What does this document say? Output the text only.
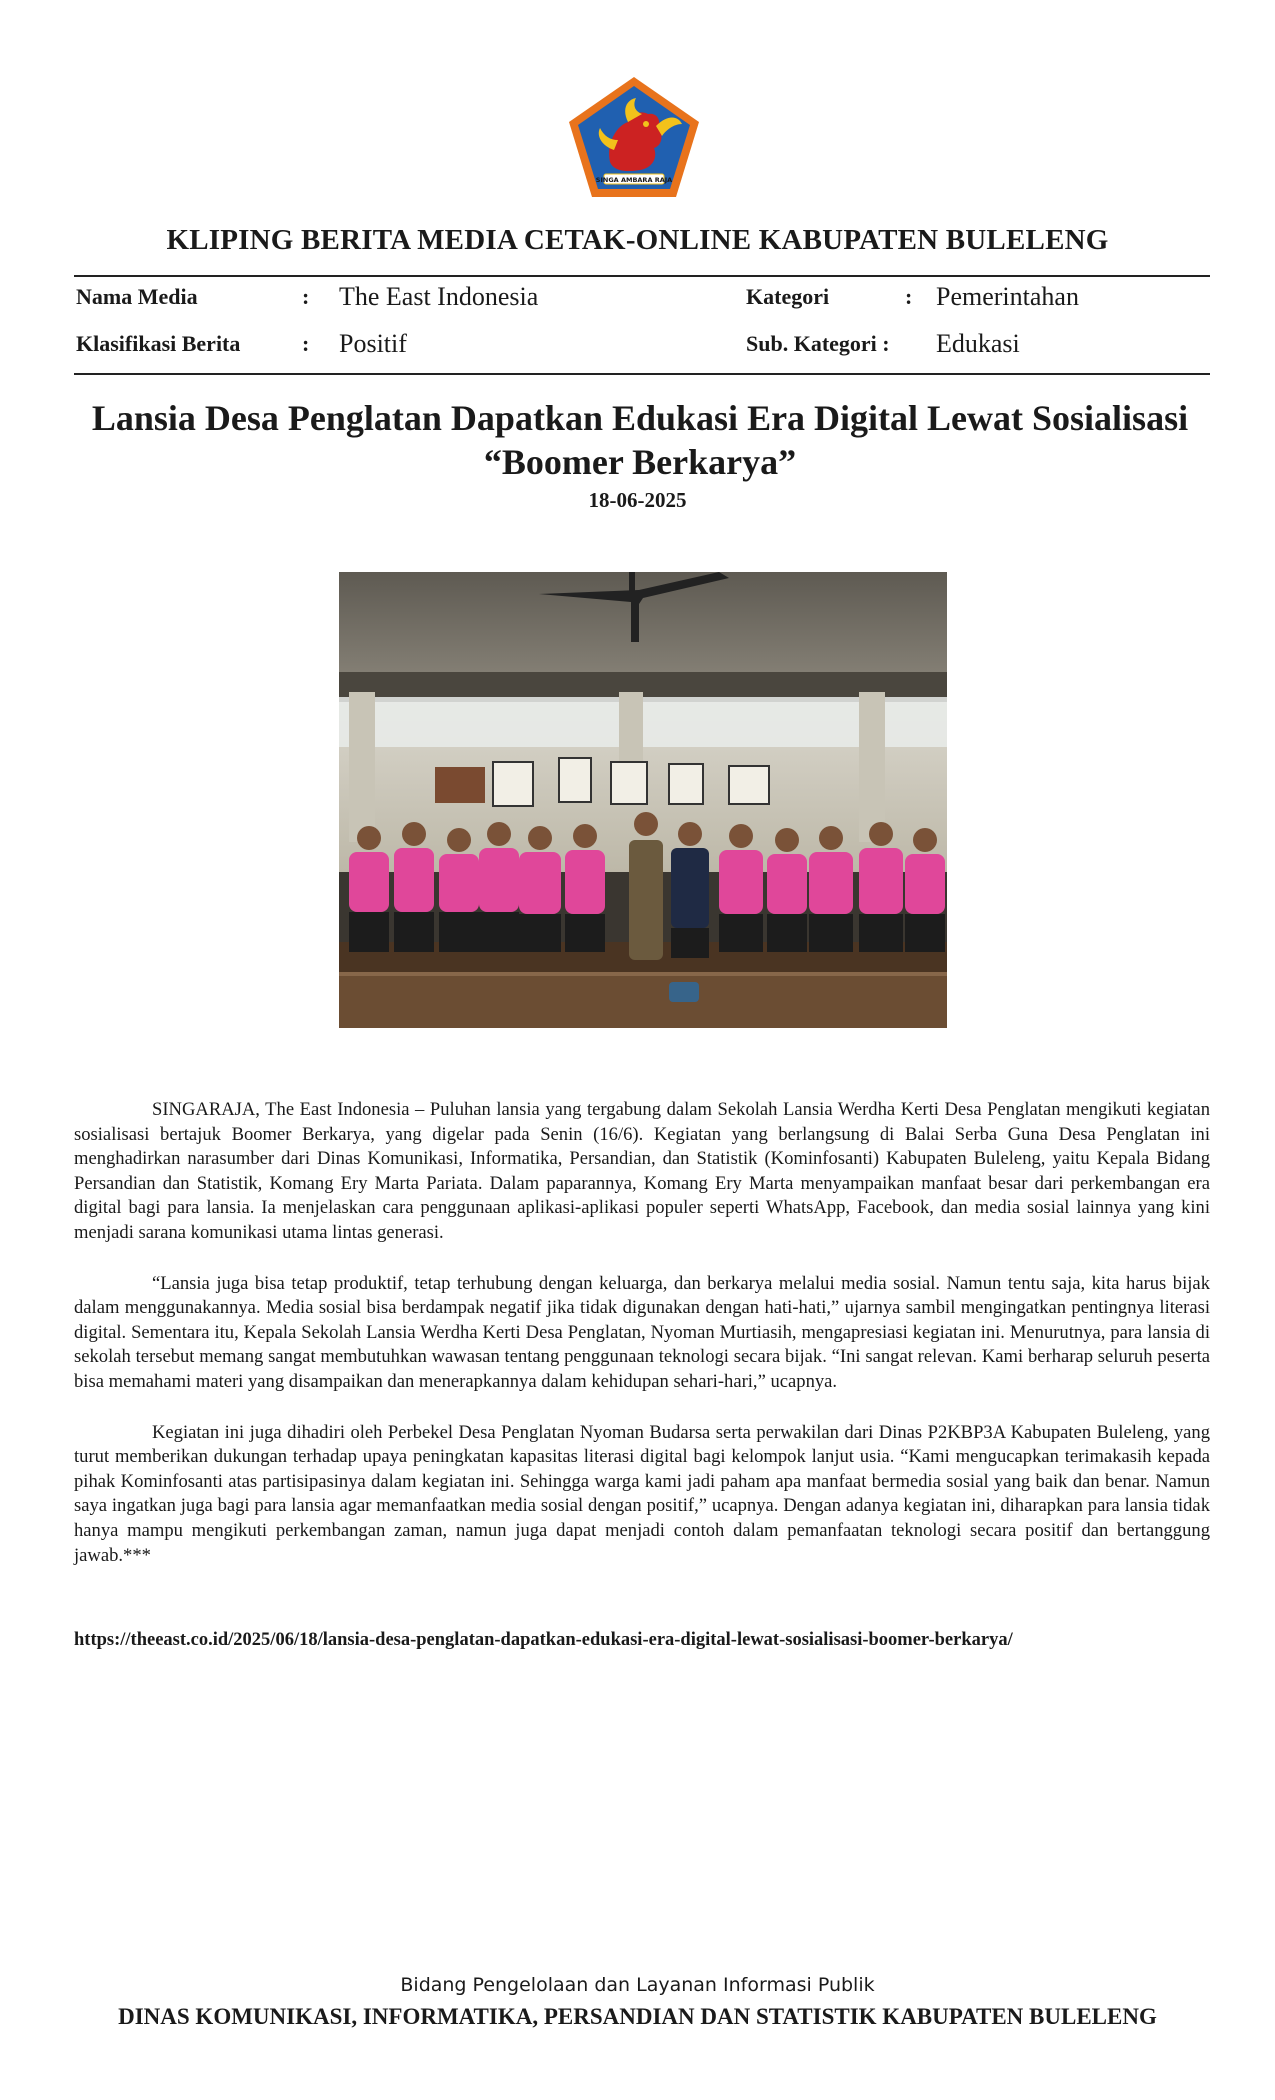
SINGA AMBARA RAJA
KLIPING BERITA MEDIA CETAK-ONLINE KABUPATEN BULELENG
Nama Media	: The East Indonesia	Kategori	: Pemerintahan
Klasifikasi Berita	: Positif	Sub. Kategori : Edukasi
Lansia Desa Penglatan Dapatkan Edukasi Era Digital Lewat Sosialisasi “Boomer Berkarya”
18-06-2025

SINGARAJA, The East Indonesia – Puluhan lansia yang tergabung dalam Sekolah Lansia Werdha Kerti Desa Penglatan mengikuti kegiatan sosialisasi bertajuk Boomer Berkarya, yang digelar pada Senin (16/6). Kegiatan yang berlangsung di Balai Serba Guna Desa Penglatan ini menghadirkan narasumber dari Dinas Komunikasi, Informatika, Persandian, dan Statistik (Kominfosanti) Kabupaten Buleleng, yaitu Kepala Bidang Persandian dan Statistik, Komang Ery Marta Pariata. Dalam paparannya, Komang Ery Marta menyampaikan manfaat besar dari perkembangan era digital bagi para lansia. Ia menjelaskan cara penggunaan aplikasi-aplikasi populer seperti WhatsApp, Facebook, dan media sosial lainnya yang kini menjadi sarana komunikasi utama lintas generasi.

“Lansia juga bisa tetap produktif, tetap terhubung dengan keluarga, dan berkarya melalui media sosial. Namun tentu saja, kita harus bijak dalam menggunakannya. Media sosial bisa berdampak negatif jika tidak digunakan dengan hati-hati,” ujarnya sambil mengingatkan pentingnya literasi digital. Sementara itu, Kepala Sekolah Lansia Werdha Kerti Desa Penglatan, Nyoman Murtiasih, mengapresiasi kegiatan ini. Menurutnya, para lansia di sekolah tersebut memang sangat membutuhkan wawasan tentang penggunaan teknologi secara bijak. “Ini sangat relevan. Kami berharap seluruh peserta bisa memahami materi yang disampaikan dan menerapkannya dalam kehidupan sehari-hari,” ucapnya.

Kegiatan ini juga dihadiri oleh Perbekel Desa Penglatan Nyoman Budarsa serta perwakilan dari Dinas P2KBP3A Kabupaten Buleleng, yang turut memberikan dukungan terhadap upaya peningkatan kapasitas literasi digital bagi kelompok lanjut usia. “Kami mengucapkan terimakasih kepada pihak Kominfosanti atas partisipasinya dalam kegiatan ini. Sehingga warga kami jadi paham apa manfaat bermedia sosial yang baik dan benar. Namun saya ingatkan juga bagi para lansia agar memanfaatkan media sosial dengan positif,” ucapnya. Dengan adanya kegiatan ini, diharapkan para lansia tidak hanya mampu mengikuti perkembangan zaman, namun juga dapat menjadi contoh dalam pemanfaatan teknologi secara positif dan bertanggung jawab.***

https://theeast.co.id/2025/06/18/lansia-desa-penglatan-dapatkan-edukasi-era-digital-lewat-sosialisasi-boomer-berkarya/
Bidang Pengelolaan dan Layanan Informasi Publik
DINAS KOMUNIKASI, INFORMATIKA, PERSANDIAN DAN STATISTIK KABUPATEN BULELENG
